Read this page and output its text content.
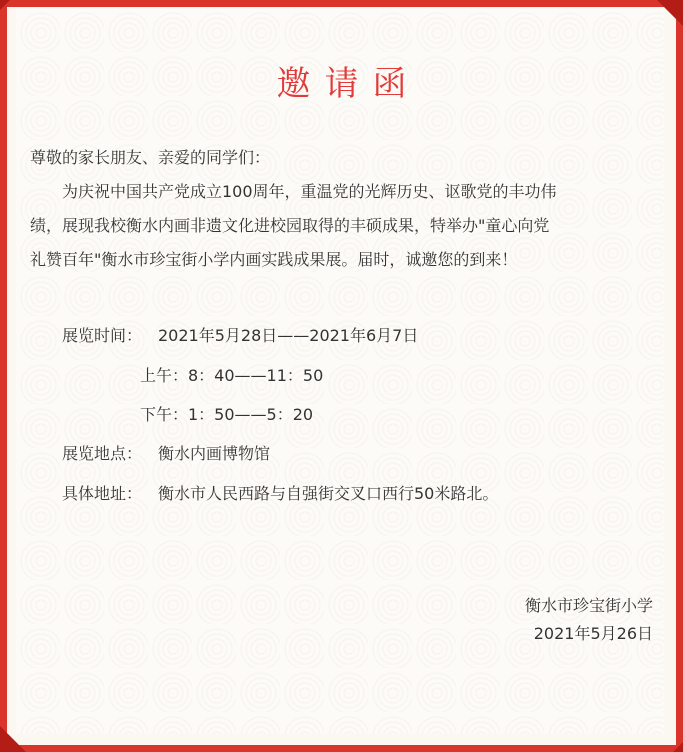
邀请函
尊敬的家长朋友、亲爱的同学们：
为庆祝中国共产党成立100周年，重温党的光辉历史、讴歌党的丰功伟
绩，展现我校衡水内画非遗文化进校园取得的丰硕成果，特举办"童心向党
礼赞百年"衡水市珍宝街小学内画实践成果展。届时，诚邀您的到来！
展览时间： 2021年5月28日——2021年6月7日
上午：8：40——11：50
下午：1：50——5：20
展览地点： 衡水内画博物馆
具体地址： 衡水市人民西路与自强街交叉口西行50米路北。
衡水市珍宝街小学
2021年5月26日
